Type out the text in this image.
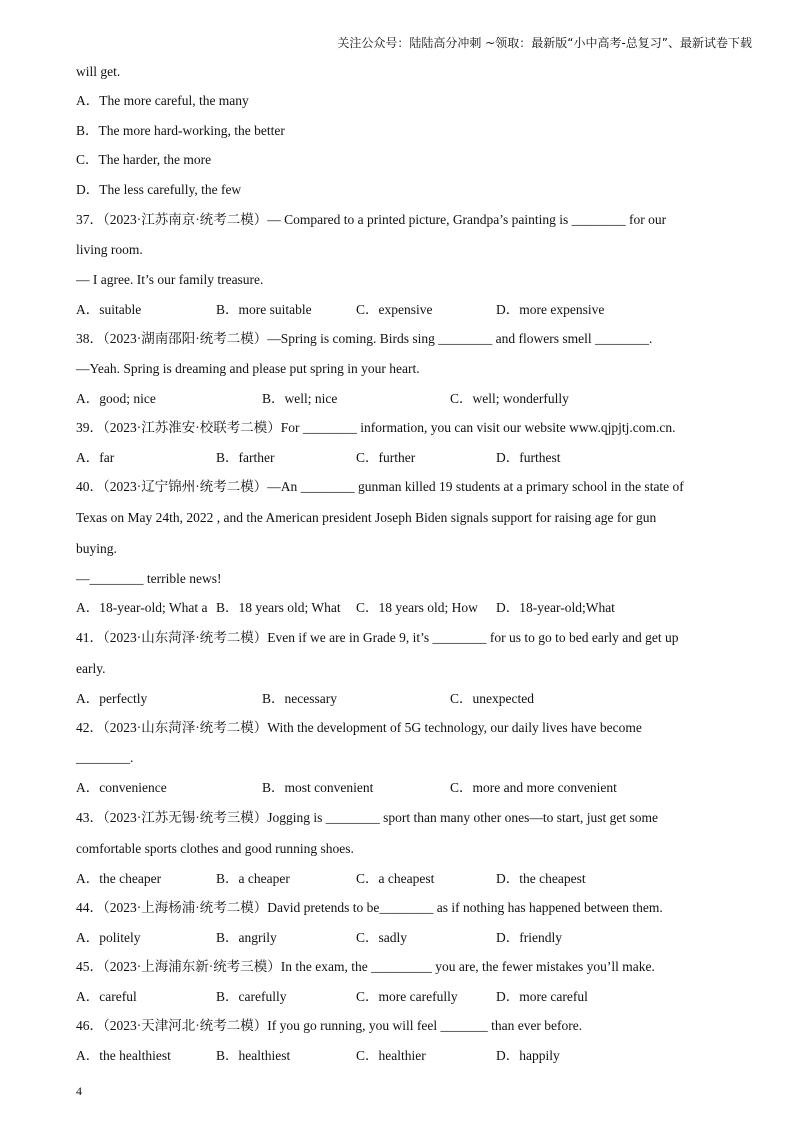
关注公众号：陆陆高分冲刺 ~领取：最新版“小中高考-总复习”、最新试卷下载
will get.
A．The more careful, the many
B．The more hard-working, the better
C．The harder, the more
D．The less carefully, the few
37．（2023·江苏南京·统考二模）— Compared to a printed picture, Grandpa’s painting is ________ for our
living room.
— I agree. It’s our family treasure.
A．suitable	B．more suitable	C．expensive	D．more expensive
38．（2023·湖南邵阳·统考二模）—Spring is coming. Birds sing ________ and flowers smell ________.
—Yeah. Spring is dreaming and please put spring in your heart.
A．good; nice	B．well; nice	C．well; wonderfully
39．（2023·江苏淮安·校联考二模）For ________ information, you can visit our website www.qjpjtj.com.cn.
A．far	B．farther	C．further	D．furthest
40．（2023·辽宁锦州·统考二模）—An ________ gunman killed 19 students at a primary school in the state of
Texas on May 24th, 2022 , and the American president Joseph Biden signals support for raising age for gun
buying.
—________ terrible news!
A．18-year-old; What a B．18 years old; What C．18 years old; How D．18-year-old;What
41．（2023·山东菏泽·统考二模）Even if we are in Grade 9, it’s ________ for us to go to bed early and get up
early.
A．perfectly	B．necessary	C．unexpected
42．（2023·山东菏泽·统考二模）With the development of 5G technology, our daily lives have become
________.
A．convenience	B．most convenient	C．more and more convenient
43．（2023·江苏无锡·统考三模）Jogging is ________ sport than many other ones—to start, just get some
comfortable sports clothes and good running shoes.
A．the cheaper	B．a cheaper	C．a cheapest	D．the cheapest
44．（2023·上海杨浦·统考二模）David pretends to be________ as if nothing has happened between them.
A．politely	B．angrily	C．sadly	D．friendly
45．（2023·上海浦东新·统考三模）In the exam, the _________ you are, the fewer mistakes you’ll make.
A．careful	B．carefully	C．more carefully	D．more careful
46．（2023·天津河北·统考二模）If you go running, you will feel _______ than ever before.
A．the healthiest	B．healthiest	C．healthier	D．happily
4
